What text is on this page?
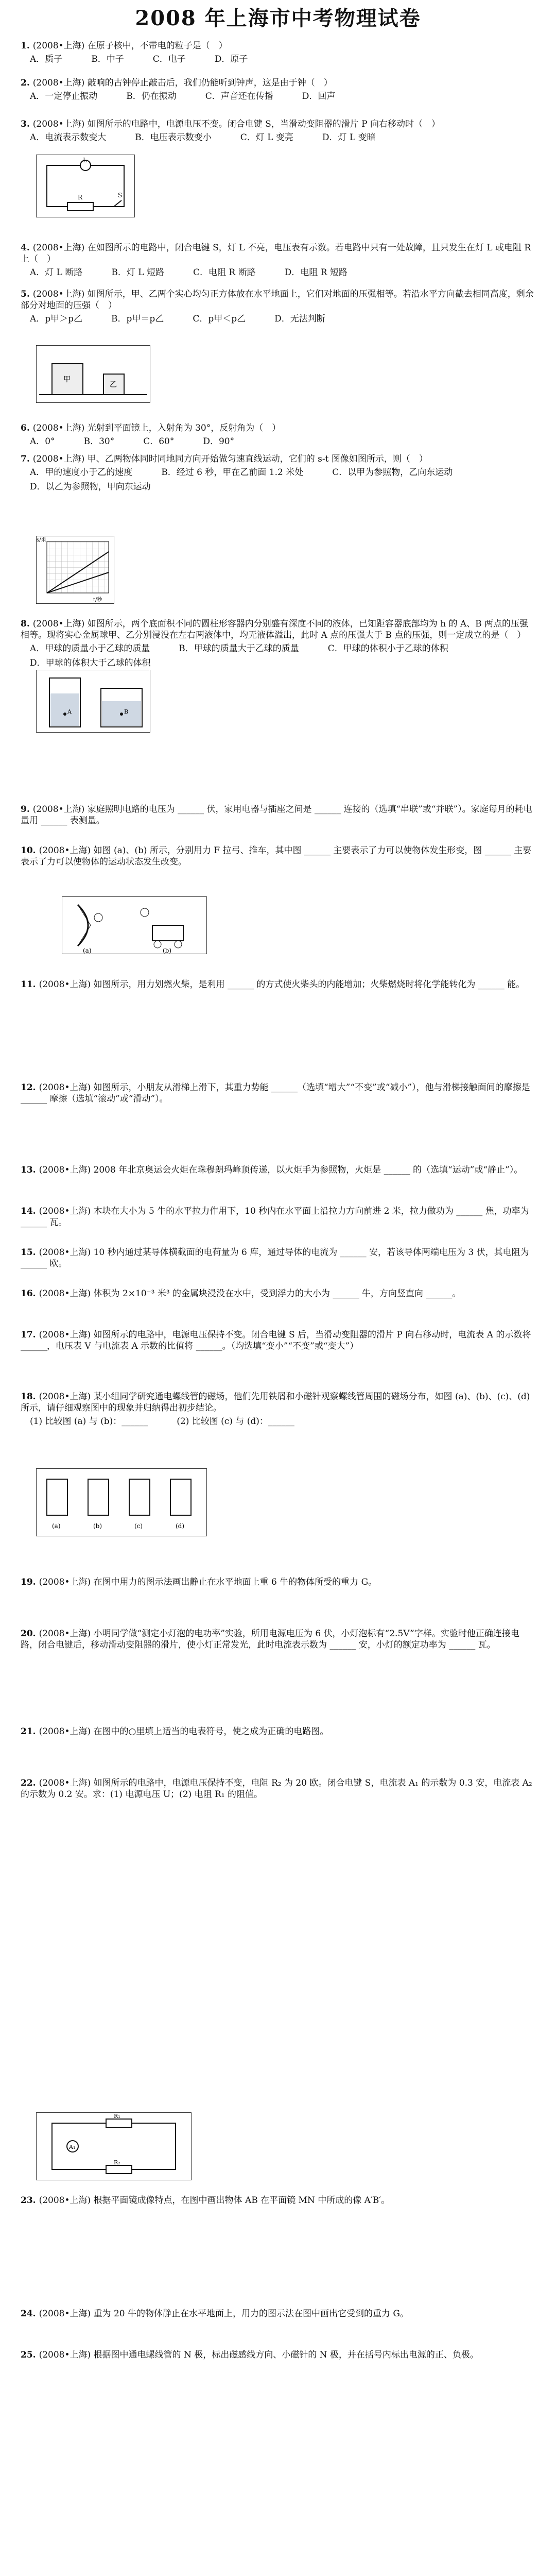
2008 年上海市中考物理试卷
1. (2008•上海) 在原子核中，不带电的粒子是（　）
A．质子	B．中子	C．电子	D．原子
2. (2008•上海) 敲响的古钟停止敲击后，我们仍能听到钟声，这是由于钟（　）
A．一定停止振动	B．仍在振动	C．声音还在传播	D．回声
3. (2008•上海) 如图所示的电路中，电源电压不变。闭合电键 S，当滑动变阻器的滑片 P 向右移动时（　）
A．电流表示数变大	B．电压表示数变小	C．灯 L 变亮	D．灯 L 变暗
4. (2008•上海) 在如图所示的电路中，闭合电键 S，灯 L 不亮，电压表有示数。若电路中只有一处故障，且只发生在灯 L 或电阻 R 上（　）
A．灯 L 断路	B．灯 L 短路	C．电阻 R 断路	D．电阻 R 短路
5. (2008•上海) 如图所示，甲、乙两个实心均匀正方体放在水平地面上，它们对地面的压强相等。若沿水平方向截去相同高度，剩余部分对地面的压强（　）
A．p甲＞p乙	B．p甲＝p乙	C．p甲＜p乙	D．无法判断
6. (2008•上海) 光射到平面镜上，入射角为 30°，反射角为（　）
A．0°	B．30°	C．60°	D．90°
7. (2008•上海) 甲、乙两物体同时同地同方向开始做匀速直线运动，它们的 s-t 图像如图所示，则（　）
A．甲的速度小于乙的速度	B．经过 6 秒，甲在乙前面 1.2 米处	C．以甲为参照物，乙向东运动
D．以乙为参照物，甲向东运动
8. (2008•上海) 如图所示，两个底面积不同的圆柱形容器内分别盛有深度不同的液体，已知距容器底部均为 h 的 A、B 两点的压强相等。现将实心金属球甲、乙分别浸没在左右两液体中，均无液体溢出，此时 A 点的压强大于 B 点的压强，则一定成立的是（　）
A．甲球的质量小于乙球的质量	B．甲球的质量大于乙球的质量	C．甲球的体积小于乙球的体积
D．甲球的体积大于乙球的体积
9. (2008•上海) 家庭照明电路的电压为 ______ 伏，家用电器与插座之间是 ______ 连接的（选填“串联”或“并联”）。家庭每月的耗电量用 ______ 表测量。
10. (2008•上海) 如图 (a)、(b) 所示，分别用力 F 拉弓、推车，其中图 ______ 主要表示了力可以使物体发生形变，图 ______ 主要表示了力可以使物体的运动状态发生改变。
11. (2008•上海) 如图所示，用力划燃火柴，是利用 ______ 的方式使火柴头的内能增加；火柴燃烧时将化学能转化为 ______ 能。
12. (2008•上海) 如图所示，小朋友从滑梯上滑下，其重力势能 ______（选填“增大”“不变”或“减小”），他与滑梯接触面间的摩擦是 ______ 摩擦（选填“滚动”或“滑动”）。
13. (2008•上海) 2008 年北京奥运会火炬在珠穆朗玛峰顶传递，以火炬手为参照物，火炬是 ______ 的（选填“运动”或“静止”）。
14. (2008•上海) 木块在大小为 5 牛的水平拉力作用下，10 秒内在水平面上沿拉力方向前进 2 米，拉力做功为 ______ 焦，功率为 ______ 瓦。
15. (2008•上海) 10 秒内通过某导体横截面的电荷量为 6 库，通过导体的电流为 ______ 安，若该导体两端电压为 3 伏，其电阻为 ______ 欧。
16. (2008•上海) 体积为 2×10⁻³ 米³ 的金属块浸没在水中，受到浮力的大小为 ______ 牛，方向竖直向 ______。
17. (2008•上海) 如图所示的电路中，电源电压保持不变。闭合电键 S 后，当滑动变阻器的滑片 P 向右移动时，电流表 A 的示数将 ______，电压表 V 与电流表 A 示数的比值将 ______。（均选填“变小”“不变”或“变大”）
18. (2008•上海) 某小组同学研究通电螺线管的磁场，他们先用铁屑和小磁针观察螺线管周围的磁场分布，如图 (a)、(b)、(c)、(d) 所示，请仔细观察图中的现象并归纳得出初步结论。
(1) 比较图 (a) 与 (b)：______	(2) 比较图 (c) 与 (d)：______
19. (2008•上海) 在图中用力的图示法画出静止在水平地面上重 6 牛的物体所受的重力 G。
20. (2008•上海) 小明同学做“测定小灯泡的电功率”实验，所用电源电压为 6 伏，小灯泡标有“2.5V”字样。实验时他正确连接电路，闭合电键后，移动滑动变阻器的滑片，使小灯正常发光，此时电流表示数为 ______ 安，小灯的额定功率为 ______ 瓦。
21. (2008•上海) 在图中的○里填上适当的电表符号，使之成为正确的电路图。
22. (2008•上海) 如图所示的电路中，电源电压保持不变，电阻 R₂ 为 20 欧。闭合电键 S，电流表 A₁ 的示数为 0.3 安，电流表 A₂ 的示数为 0.2 安。求：(1) 电源电压 U；(2) 电阻 R₁ 的阻值。
23. (2008•上海) 根据平面镜成像特点，在图中画出物体 AB 在平面镜 MN 中所成的像 A′B′。
24. (2008•上海) 重为 20 牛的物体静止在水平地面上，用力的图示法在图中画出它受到的重力 G。
25. (2008•上海) 根据图中通电螺线管的 N 极，标出磁感线方向、小磁针的 N 极，并在括号内标出电源的正、负极。
S
L
R
甲
乙
t/秒
s/米
A	B
(a)	(b)
(a)	(b)	(c)	(d)
A₁
R₁
R₂
